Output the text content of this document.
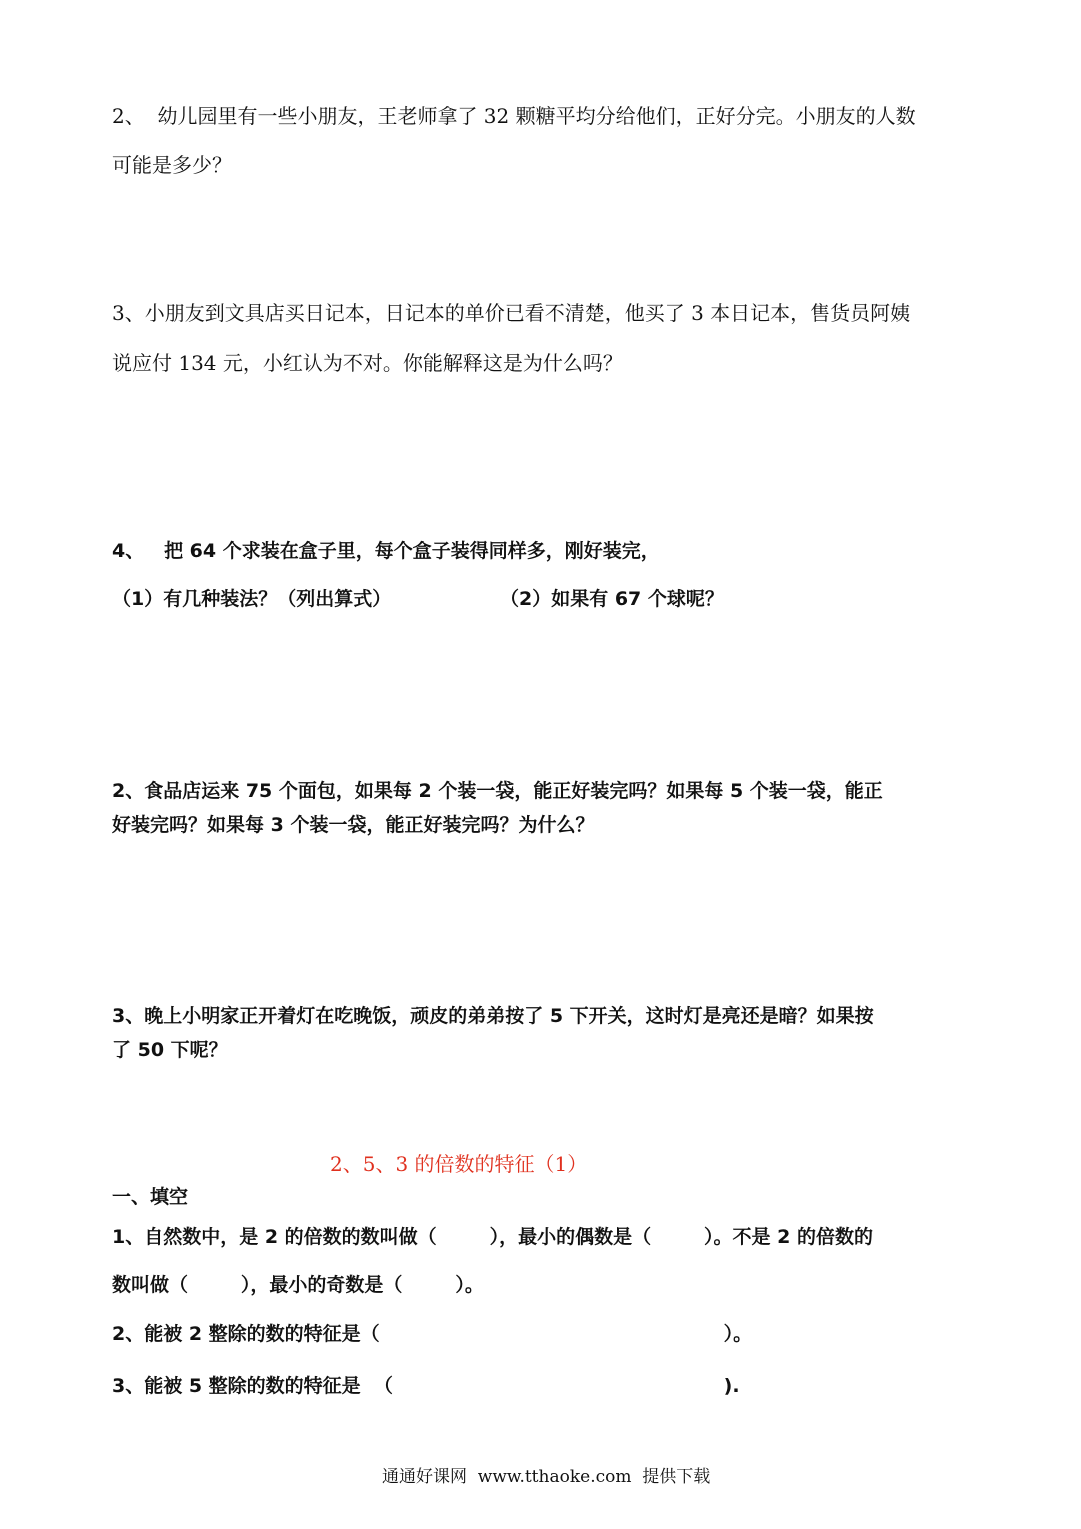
2、  幼儿园里有一些小朋友，王老师拿了 32 颗糖平均分给他们，正好分完。小朋友的人数
可能是多少？
3、小朋友到文具店买日记本，日记本的单价已看不清楚，他买了 3 本日记本，售货员阿姨
说应付 134 元，小红认为不对。你能解释这是为什么吗？
4、   把 64 个求装在盒子里，每个盒子装得同样多，刚好装完，
（1）有几种装法？（列出算式）	（2）如果有 67 个球呢？
2、食品店运来 75 个面包，如果每 2 个装一袋，能正好装完吗？如果每 5 个装一袋，能正
好装完吗？如果每 3 个装一袋，能正好装完吗？为什么？
3、晚上小明家正开着灯在吃晚饭，顽皮的弟弟按了 5 下开关，这时灯是亮还是暗？如果按
了 50 下呢？
2、5、3 的倍数的特征（1）
一、填空
1、自然数中，是 2 的倍数的数叫做（        ），最小的偶数是（        ）。不是 2 的倍数的
数叫做（        ），最小的奇数是（        ）。
2、能被 2 整除的数的特征是（                                                    ）。
3、能被 5 整除的数的特征是  （                                                  ).
通通好课网  www.tthaoke.com  提供下载
